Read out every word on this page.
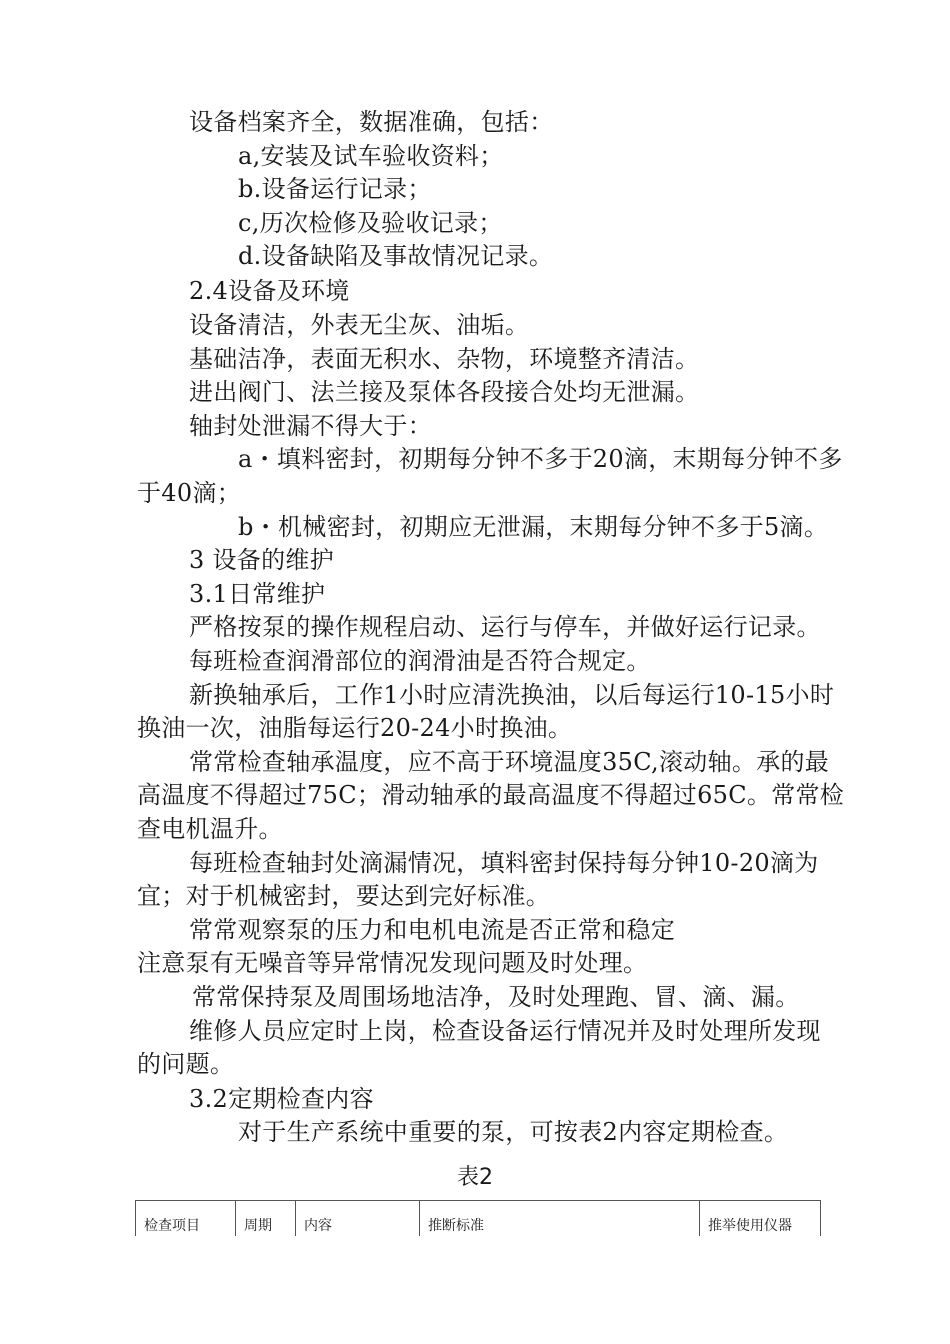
设备档案齐全，数据准确，包括：
a,安装及试车验收资料；
b.设备运行记录；
c,历次检修及验收记录；
d.设备缺陷及事故情况记录。
2.4设备及环境
设备清洁，外表无尘灰、油垢。
基础洁净，表面无积水、杂物，环境整齐清洁。
进出阀门、法兰接及泵体各段接合处均无泄漏。
轴封处泄漏不得大于：
a・填料密封，初期每分钟不多于20滴，末期每分钟不多
于40滴；
b・机械密封，初期应无泄漏，末期每分钟不多于5滴。
3 设备的维护
3.1日常维护
严格按泵的操作规程启动、运行与停车，并做好运行记录。
每班检查润滑部位的润滑油是否符合规定。
新换轴承后，工作1小时应清洗换油，以后每运行10-15小时
换油一次，油脂每运行20-24小时换油。
常常检查轴承温度，应不高于环境温度35C,滚动轴。承的最
高温度不得超过75C；滑动轴承的最高温度不得超过65C。常常检
查电机温升。
每班检查轴封处滴漏情况，填料密封保持每分钟10-20滴为
宜；对于机械密封，要达到完好标准。
常常观察泵的压力和电机电流是否正常和稳定
注意泵有无噪音等异常情况发现问题及时处理。
常常保持泵及周围场地洁净，及时处理跑、冒、滴、漏。
维修人员应定时上岗，检查设备运行情况并及时处理所发现
的问题。
3.2定期检查内容
对于生产系统中重要的泵，可按表2内容定期检查。
表2
检查项目	周期	内容	推断标准	推举使用仪器
